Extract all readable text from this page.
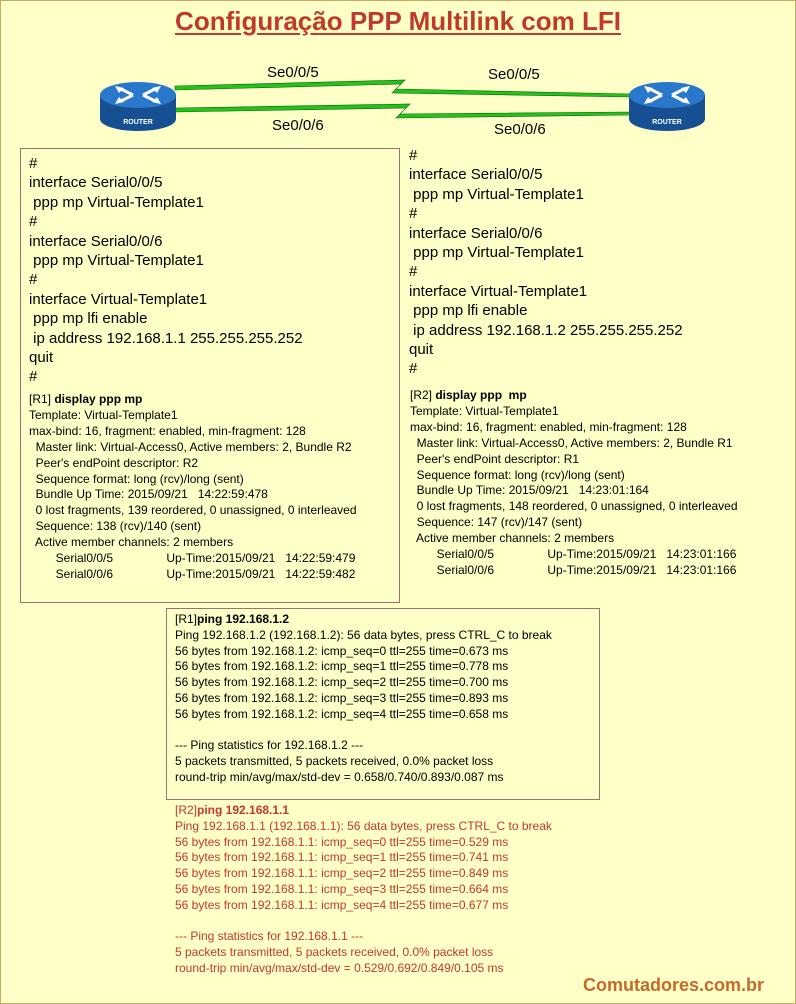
Configuração PPP Multilink com LFI
ROUTER	ROUTER
Se0/0/5	Se0/0/5
Se0/0/6	Se0/0/6
#
interface Serial0/0/5
ppp mp Virtual-Template1
#
interface Serial0/0/6
ppp mp Virtual-Template1
#
interface Virtual-Template1
ppp mp lfi enable
ip address 192.168.1.1 255.255.255.252
quit
#
[R1] display ppp mp
Template: Virtual-Template1
max-bind: 16, fragment: enabled, min-fragment: 128
Master link: Virtual-Access0, Active members: 2, Bundle R2
Peer's endPoint descriptor: R2
Sequence format: long (rcv)/long (sent)
Bundle Up Time: 2015/09/21   14:22:59:478
0 lost fragments, 139 reordered, 0 unassigned, 0 interleaved
Sequence: 138 (rcv)/140 (sent)
Active member channels: 2 members
Serial0/0/5                Up-Time:2015/09/21   14:22:59:479
Serial0/0/6                Up-Time:2015/09/21   14:22:59:482
#
interface Serial0/0/5
ppp mp Virtual-Template1
#
interface Serial0/0/6
ppp mp Virtual-Template1
#
interface Virtual-Template1
ppp mp lfi enable
ip address 192.168.1.2 255.255.255.252
quit
#
[R2] display ppp  mp
Template: Virtual-Template1
max-bind: 16, fragment: enabled, min-fragment: 128
Master link: Virtual-Access0, Active members: 2, Bundle R1
Peer's endPoint descriptor: R1
Sequence format: long (rcv)/long (sent)
Bundle Up Time: 2015/09/21   14:23:01:164
0 lost fragments, 148 reordered, 0 unassigned, 0 interleaved
Sequence: 147 (rcv)/147 (sent)
Active member channels: 2 members
Serial0/0/5                Up-Time:2015/09/21   14:23:01:166
Serial0/0/6                Up-Time:2015/09/21   14:23:01:166
[R1]ping 192.168.1.2
Ping 192.168.1.2 (192.168.1.2): 56 data bytes, press CTRL_C to break
56 bytes from 192.168.1.2: icmp_seq=0 ttl=255 time=0.673 ms
56 bytes from 192.168.1.2: icmp_seq=1 ttl=255 time=0.778 ms
56 bytes from 192.168.1.2: icmp_seq=2 ttl=255 time=0.700 ms
56 bytes from 192.168.1.2: icmp_seq=3 ttl=255 time=0.893 ms
56 bytes from 192.168.1.2: icmp_seq=4 ttl=255 time=0.658 ms

--- Ping statistics for 192.168.1.2 ---
5 packets transmitted, 5 packets received, 0.0% packet loss
round-trip min/avg/max/std-dev = 0.658/0.740/0.893/0.087 ms
[R2]ping 192.168.1.1
Ping 192.168.1.1 (192.168.1.1): 56 data bytes, press CTRL_C to break
56 bytes from 192.168.1.1: icmp_seq=0 ttl=255 time=0.529 ms
56 bytes from 192.168.1.1: icmp_seq=1 ttl=255 time=0.741 ms
56 bytes from 192.168.1.1: icmp_seq=2 ttl=255 time=0.849 ms
56 bytes from 192.168.1.1: icmp_seq=3 ttl=255 time=0.664 ms
56 bytes from 192.168.1.1: icmp_seq=4 ttl=255 time=0.677 ms

--- Ping statistics for 192.168.1.1 ---
5 packets transmitted, 5 packets received, 0.0% packet loss
round-trip min/avg/max/std-dev = 0.529/0.692/0.849/0.105 ms
Comutadores.com.br
